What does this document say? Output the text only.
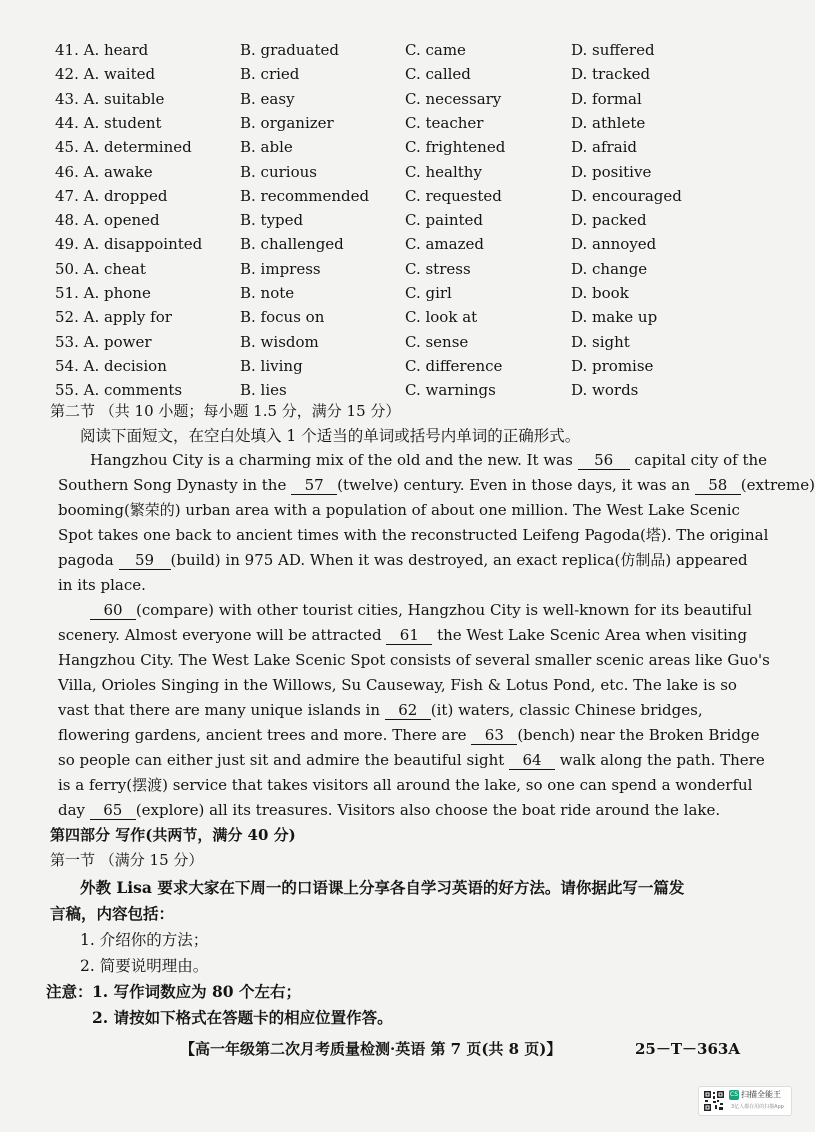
41. A. heard	B. graduated	C. came	D. suffered
42. A. waited	B. cried	C. called	D. tracked
43. A. suitable	B. easy	C. necessary	D. formal
44. A. student	B. organizer	C. teacher	D. athlete
45. A. determined	B. able	C. frightened	D. afraid
46. A. awake	B. curious	C. healthy	D. positive
47. A. dropped	B. recommended C. requested	D. encouraged
48. A. opened	B. typed	C. painted	D. packed
49. A. disappointed	B. challenged	C. amazed	D. annoyed
50. A. cheat	B. impress	C. stress	D. change
51. A. phone	B. note	C. girl	D. book
52. A. apply for	B. focus on	C. look at	D. make up
53. A. power	B. wisdom	C. sense	D. sight
54. A. decision	B. living	C. difference	D. promise
55. A. comments	B. lies	C. warnings	D. words
第二节 （共 10 小题；每小题 1.5 分，满分 15 分）
阅读下面短文，在空白处填入 1 个适当的单词或括号内单词的正确形式。
Hangzhou City is a charming mix of the old and the new. It was 56 capital city of the
Southern Song Dynasty in the 57 (twelve) century. Even in those days, it was an 58 (extreme)
booming(繁荣的) urban area with a population of about one million. The West Lake Scenic
Spot takes one back to ancient times with the reconstructed Leifeng Pagoda(塔). The original
pagoda 59 (build) in 975 AD. When it was destroyed, an exact replica(仿制品) appeared
in its place.
60 (compare) with other tourist cities, Hangzhou City is well-known for its beautiful
scenery. Almost everyone will be attracted 61 the West Lake Scenic Area when visiting
Hangzhou City. The West Lake Scenic Spot consists of several smaller scenic areas like Guo's
Villa, Orioles Singing in the Willows, Su Causeway, Fish & Lotus Pond, etc. The lake is so
vast that there are many unique islands in 62 (it) waters, classic Chinese bridges,
flowering gardens, ancient trees and more. There are 63 (bench) near the Broken Bridge
so people can either just sit and admire the beautiful sight 64 walk along the path. There
is a ferry(摆渡) service that takes visitors all around the lake, so one can spend a wonderful
day 65 (explore) all its treasures. Visitors also choose the boat ride around the lake.
第四部分 写作(共两节，满分 40 分)
第一节 （满分 15 分）
外教 Lisa 要求大家在下周一的口语课上分享各自学习英语的好方法。请你据此写一篇发
言稿，内容包括：
1. 介绍你的方法；
2. 简要说明理由。
注意： 1. 写作词数应为 80 个左右；
2. 请按如下格式在答题卡的相应位置作答。
【高一年级第二次月考质量检测·英语 第 7 页(共 8 页)】	25－T－363A
CS 扫描全能王
3亿人都在用的扫描App
